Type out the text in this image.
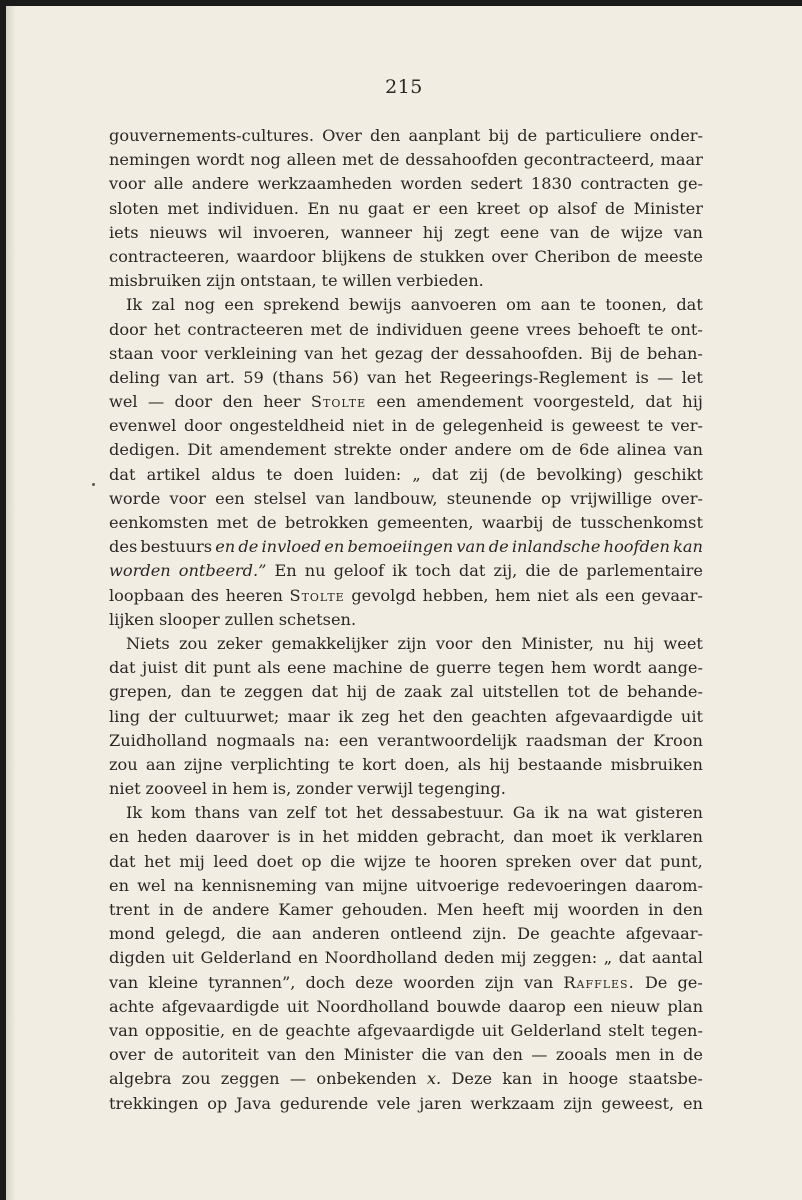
215
gouvernements-cultures. Over den aanplant bij de particuliere onder-
nemingen wordt nog alleen met de dessahoofden gecontracteerd, maar
voor alle andere werkzaamheden worden sedert 1830 contracten ge-
sloten met individuen. En nu gaat er een kreet op alsof de Minister
iets nieuws wil invoeren, wanneer hij zegt eene van de wijze van
contracteeren, waardoor blijkens de stukken over Cheribon de meeste
misbruiken zijn ontstaan, te willen verbieden.
Ik zal nog een sprekend bewijs aanvoeren om aan te toonen, dat
door het contracteeren met de individuen geene vrees behoeft te ont-
staan voor verkleining van het gezag der dessahoofden. Bij de behan-
deling van art. 59 (thans 56) van het Regeerings-Reglement is — let
wel — door den heer Stolte een amendement voorgesteld, dat hij
evenwel door ongesteldheid niet in de gelegenheid is geweest te ver-
dedigen. Dit amendement strekte onder andere om de 6de alinea van
dat artikel aldus te doen luiden: „ dat zij (de bevolking) geschikt
worde voor een stelsel van landbouw, steunende op vrijwillige over-
eenkomsten met de betrokken gemeenten, waarbij de tusschenkomst
des bestuurs en de invloed en bemoeiingen van de inlandsche hoofden kan
worden ontbeerd.” En nu geloof ik toch dat zij, die de parlementaire
loopbaan des heeren Stolte gevolgd hebben, hem niet als een gevaar-
lijken slooper zullen schetsen.
Niets zou zeker gemakkelijker zijn voor den Minister, nu hij weet
dat juist dit punt als eene machine de guerre tegen hem wordt aange-
grepen, dan te zeggen dat hij de zaak zal uitstellen tot de behande-
ling der cultuurwet; maar ik zeg het den geachten afgevaardigde uit
Zuidholland nogmaals na: een verantwoordelijk raadsman der Kroon
zou aan zijne verplichting te kort doen, als hij bestaande misbruiken
niet zooveel in hem is, zonder verwijl tegenging.
Ik kom thans van zelf tot het dessabestuur. Ga ik na wat gisteren
en heden daarover is in het midden gebracht, dan moet ik verklaren
dat het mij leed doet op die wijze te hooren spreken over dat punt,
en wel na kennisneming van mijne uitvoerige redevoeringen daarom-
trent in de andere Kamer gehouden. Men heeft mij woorden in den
mond gelegd, die aan anderen ontleend zijn. De geachte afgevaar-
digden uit Gelderland en Noordholland deden mij zeggen: „ dat aantal
van kleine tyrannen”, doch deze woorden zijn van Raffles. De ge-
achte afgevaardigde uit Noordholland bouwde daarop een nieuw plan
van oppositie, en de geachte afgevaardigde uit Gelderland stelt tegen-
over de autoriteit van den Minister die van den — zooals men in de
algebra zou zeggen — onbekenden x. Deze kan in hooge staatsbe-
trekkingen op Java gedurende vele jaren werkzaam zijn geweest, en
